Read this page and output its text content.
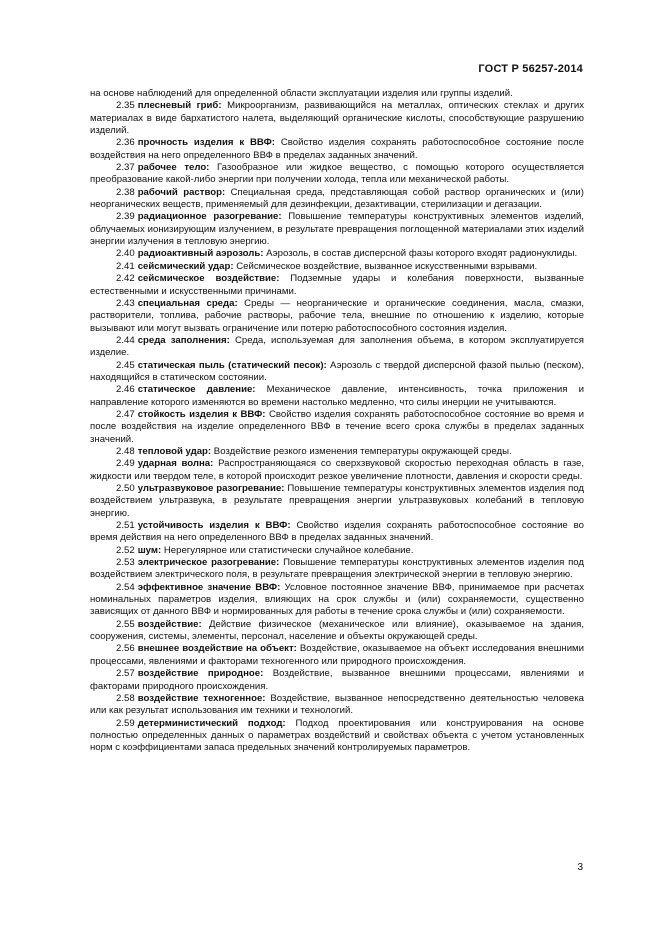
ГОСТ Р 56257-2014

на основе наблюдений для определенной области эксплуатации изделия или группы изделий.

2.35 плесневый гриб: Микроорганизм, развивающийся на металлах, оптических стеклах и других материалах в виде бархатистого налета, выделяющий органические кислоты, способствующие разрушению изделий.

2.36 прочность изделия к ВВФ: Свойство изделия сохранять работоспособное состояние после воздействия на него определенного ВВФ в пределах заданных значений.

2.37 рабочее тело: Газообразное или жидкое вещество, с помощью которого осуществляется преобразование какой-либо энергии при получении холода, тепла или механической работы.

2.38 рабочий раствор: Специальная среда, представляющая собой раствор органических и (или) неорганических веществ, применяемый для дезинфекции, дезактивации, стерилизации и дегазации.

2.39 радиационное разогревание: Повышение температуры конструктивных элементов изделий, облучаемых ионизирующим излучением, в результате превращения поглощенной материалами этих изделий энергии излучения в тепловую энергию.

2.40 радиоактивный аэрозоль: Аэрозоль, в состав дисперсной фазы которого входят радионуклиды.

2.41 сейсмический удар: Сейсмическое воздействие, вызванное искусственными взрывами.

2.42 сейсмическое воздействие: Подземные удары и колебания поверхности, вызванные естественными и искусственными причинами.

2.43 специальная среда: Среды — неорганические и органические соединения, масла, смазки, растворители, топлива, рабочие растворы, рабочие тела, внешние по отношению к изделию, которые вызывают или могут вызвать ограничение или потерю работоспособного состояния изделия.

2.44 среда заполнения: Среда, используемая для заполнения объема, в котором эксплуатируется изделие.

2.45 статическая пыль (статический песок): Аэрозоль с твердой дисперсной фазой пылью (песком), находящийся в статическом состоянии.

2.46 статическое давление: Механическое давление, интенсивность, точка приложения и направление которого изменяются во времени настолько медленно, что силы инерции не учитываются.

2.47 стойкость изделия к ВВФ: Свойство изделия сохранять работоспособное состояние во время и после воздействия на изделие определенного ВВФ в течение всего срока службы в пределах заданных значений.

2.48 тепловой удар: Воздействие резкого изменения температуры окружающей среды.

2.49 ударная волна: Распространяющаяся со сверхзвуковой скоростью переходная область в газе, жидкости или твердом теле, в которой происходит резкое увеличение плотности, давления и скорости среды.

2.50 ультразвуковое разогревание: Повышение температуры конструктивных элементов изделия под воздействием ультразвука, в результате превращения энергии ультразвуковых колебаний в тепловую энергию.

2.51 устойчивость изделия к ВВФ: Свойство изделия сохранять работоспособное состояние во время действия на него определенного ВВФ в пределах заданных значений.

2.52 шум: Нерегулярное или статистически случайное колебание.

2.53 электрическое разогревание: Повышение температуры конструктивных элементов изделия под воздействием электрического поля, в результате превращения электрической энергии в тепловую энергию.

2.54 эффективное значение ВВФ: Условное постоянное значение ВВФ, принимаемое при расчетах номинальных параметров изделия, влияющих на срок службы и (или) сохраняемости, существенно зависящих от данного ВВФ и нормированных для работы в течение срока службы и (или) сохраняемости.

2.55 воздействие: Действие физическое (механическое или влияние), оказываемое на здания, сооружения, системы, элементы, персонал, население и объекты окружающей среды.

2.56 внешнее воздействие на объект: Воздействие, оказываемое на объект исследования внешними процессами, явлениями и факторами техногенного или природного происхождения.

2.57 воздействие природное: Воздействие, вызванное внешними процессами, явлениями и факторами природного происхождения.

2.58 воздействие техногенное: Воздействие, вызванное непосредственно деятельностью человека или как результат использования им техники и технологий.

2.59 детерминистический подход: Подход проектирования или конструирования на основе полностью определенных данных о параметрах воздействий и свойствах объекта с учетом установленных норм с коэффициентами запаса предельных значений контролируемых параметров.

3
